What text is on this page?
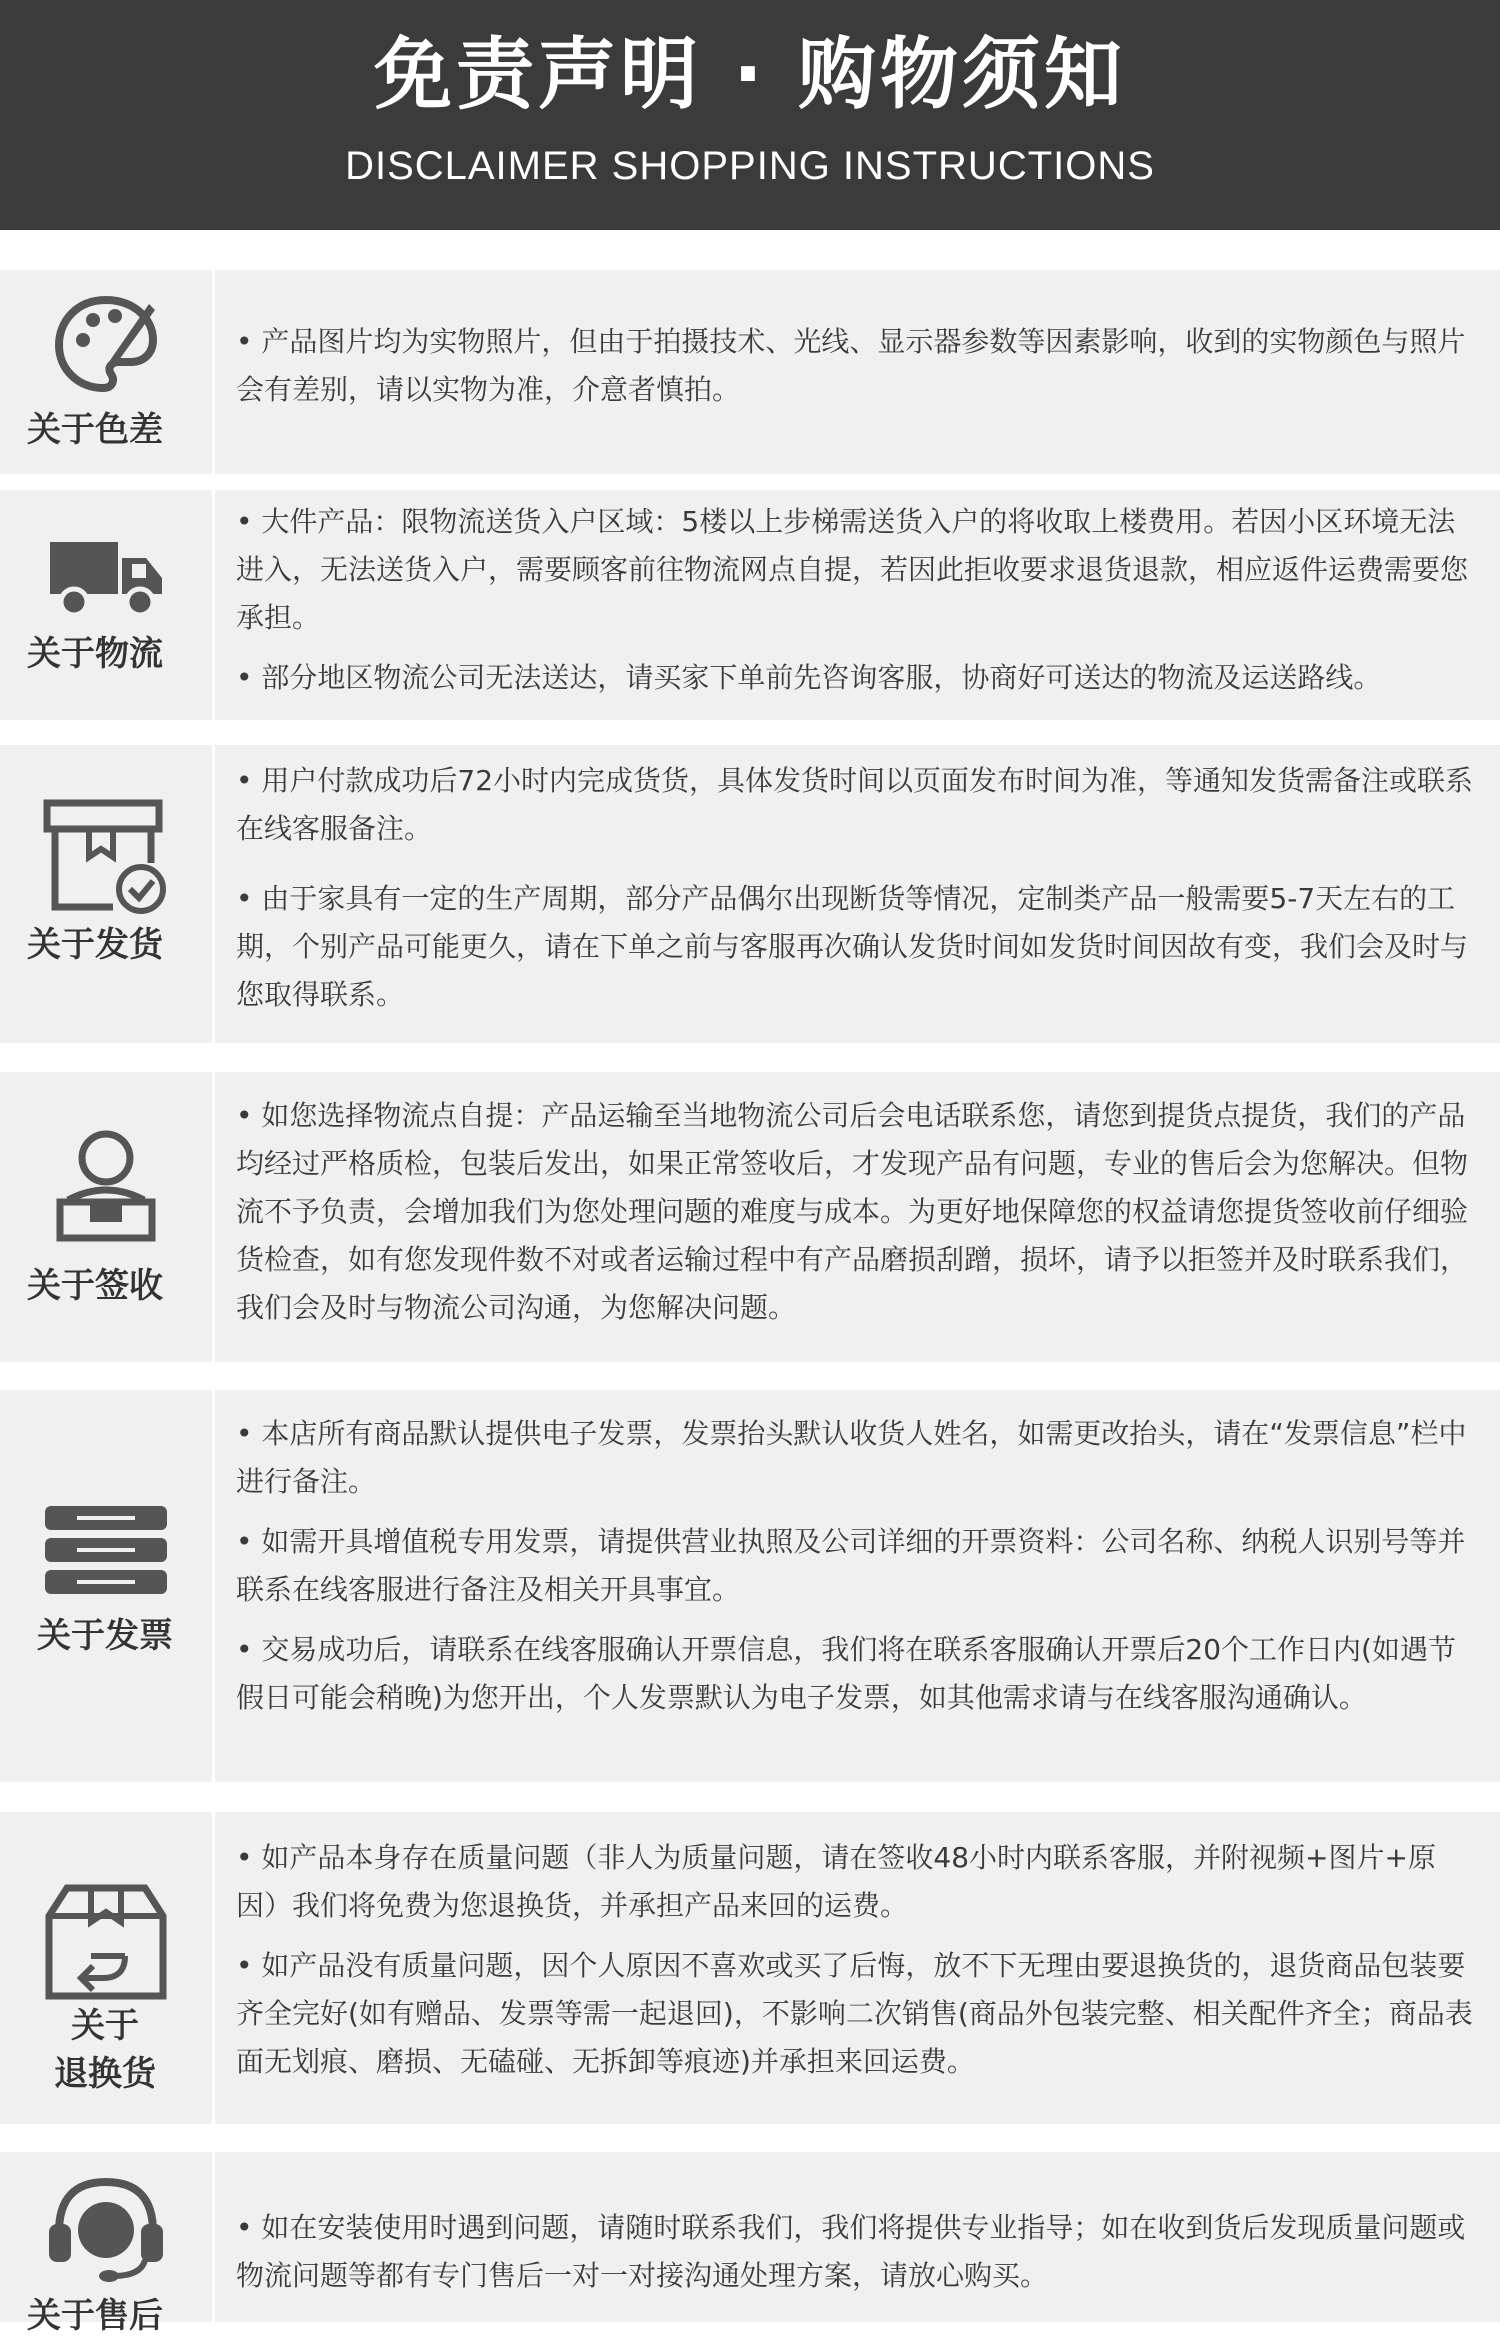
免责声明 · 购物须知
DISCLAIMER SHOPPING INSTRUCTIONS
关于色差

• 产品图片均为实物照片，但由于拍摄技术、光线、显示器参数等因素影响，收到的实物颜色与照片会有差别，请以实物为准，介意者慎拍。

关于物流

• 大件产品：限物流送货入户区域：5楼以上步梯需送货入户的将收取上楼费用。若因小区环境无法进入，无法送货入户，需要顾客前往物流网点自提，若因此拒收要求退货退款，相应返件运费需要您承担。

• 部分地区物流公司无法送达，请买家下单前先咨询客服，协商好可送达的物流及运送路线。

关于发货

• 用户付款成功后72小时内完成货货，具体发货时间以页面发布时间为准，等通知发货需备注或联系在线客服备注。

• 由于家具有一定的生产周期，部分产品偶尔出现断货等情况，定制类产品一般需要5-7天左右的工期，个别产品可能更久，请在下单之前与客服再次确认发货时间如发货时间因故有变，我们会及时与您取得联系。

关于签收

• 如您选择物流点自提：产品运输至当地物流公司后会电话联系您，请您到提货点提货，我们的产品均经过严格质检，包装后发出，如果正常签收后，才发现产品有问题，专业的售后会为您解决。但物流不予负责，会增加我们为您处理问题的难度与成本。为更好地保障您的权益请您提货签收前仔细验货检查，如有您发现件数不对或者运输过程中有产品磨损刮蹭，损坏，请予以拒签并及时联系我们，我们会及时与物流公司沟通，为您解决问题。

关于发票

• 本店所有商品默认提供电子发票，发票抬头默认收货人姓名，如需更改抬头，请在“发票信息”栏中进行备注。

• 如需开具增值税专用发票，请提供营业执照及公司详细的开票资料：公司名称、纳税人识别号等并联系在线客服进行备注及相关开具事宜。

• 交易成功后，请联系在线客服确认开票信息，我们将在联系客服确认开票后20个工作日内(如遇节假日可能会稍晚)为您开出，个人发票默认为电子发票，如其他需求请与在线客服沟通确认。

关于
退换货

• 如产品本身存在质量问题（非人为质量问题，请在签收48小时内联系客服，并附视频+图片+原因）我们将免费为您退换货，并承担产品来回的运费。

• 如产品没有质量问题，因个人原因不喜欢或买了后悔，放不下无理由要退换货的，退货商品包装要齐全完好(如有赠品、发票等需一起退回)，不影响二次销售(商品外包装完整、相关配件齐全；商品表面无划痕、磨损、无磕碰、无拆卸等痕迹)并承担来回运费。

关于售后

• 如在安装使用时遇到问题，请随时联系我们，我们将提供专业指导；如在收到货后发现质量问题或物流问题等都有专门售后一对一对接沟通处理方案，请放心购买。
